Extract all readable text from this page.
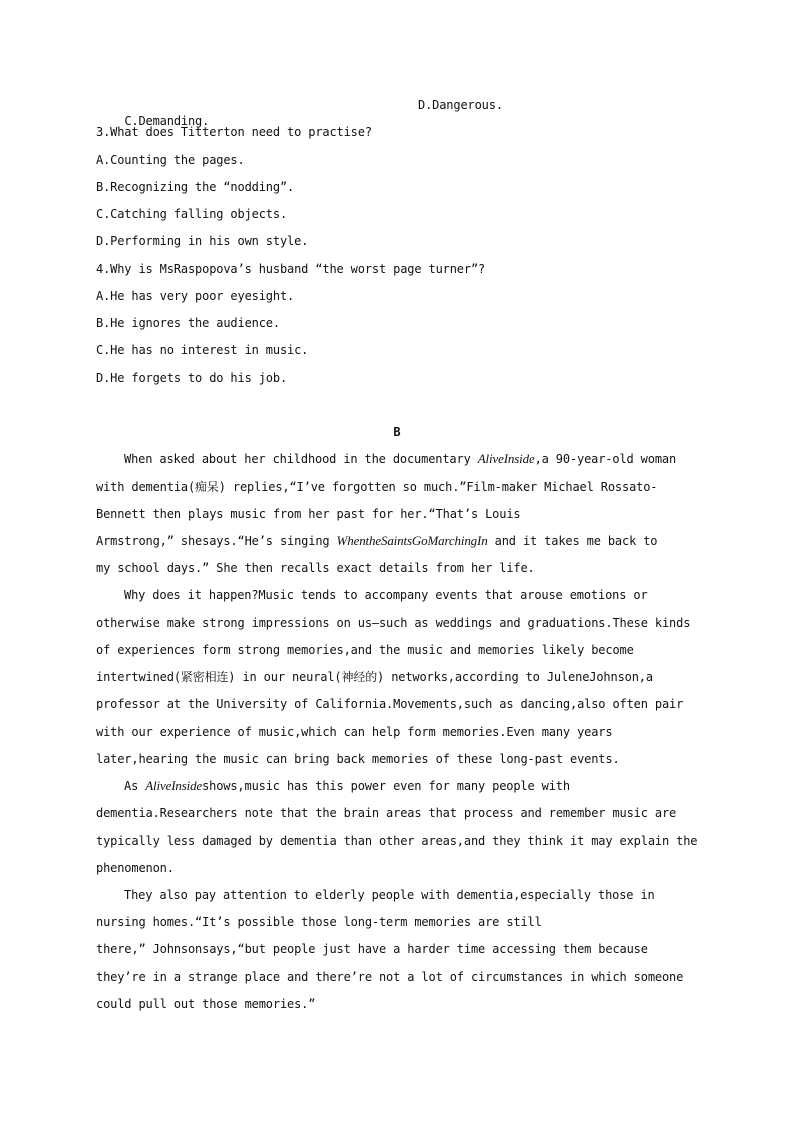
C.Demanding.

D.Dangerous.

3.What does Titterton need to practise?
A.Counting the pages.
B.Recognizing the “nodding”.
C.Catching falling objects.
D.Performing in his own style.
4.Why is MsRaspopova’s husband “the worst page turner”?
A.He has very poor eyesight.
B.He ignores the audience.
C.He has no interest in music.
D.He forgets to do his job.
B
When asked about her childhood in the documentary AliveInside,a 90-year-old woman
with dementia(痴呆) replies,“I’ve forgotten so much.”Film-maker Michael Rossato-
Bennett then plays music from her past for her.“That’s Louis
Armstrong,” shesays.“He’s singing WhentheSaintsGoMarchingIn and it takes me back to
my school days.” She then recalls exact details from her life.
Why does it happen?Music tends to accompany events that arouse emotions or
otherwise make strong impressions on us—such as weddings and graduations.These kinds
of experiences form strong memories,and the music and memories likely become
intertwined(紧密相连) in our neural(神经的) networks,according to JuleneJohnson,a
professor at the University of California.Movements,such as dancing,also often pair
with our experience of music,which can help form memories.Even many years
later,hearing the music can bring back memories of these long-past events.
As AliveInsideshows,music has this power even for many people with
dementia.Researchers note that the brain areas that process and remember music are
typically less damaged by dementia than other areas,and they think it may explain the
phenomenon.
They also pay attention to elderly people with dementia,especially those in
nursing homes.“It’s possible those long-term memories are still
there,” Johnsonsays,“but people just have a harder time accessing them because
they’re in a strange place and there’re not a lot of circumstances in which someone
could pull out those memories.”
